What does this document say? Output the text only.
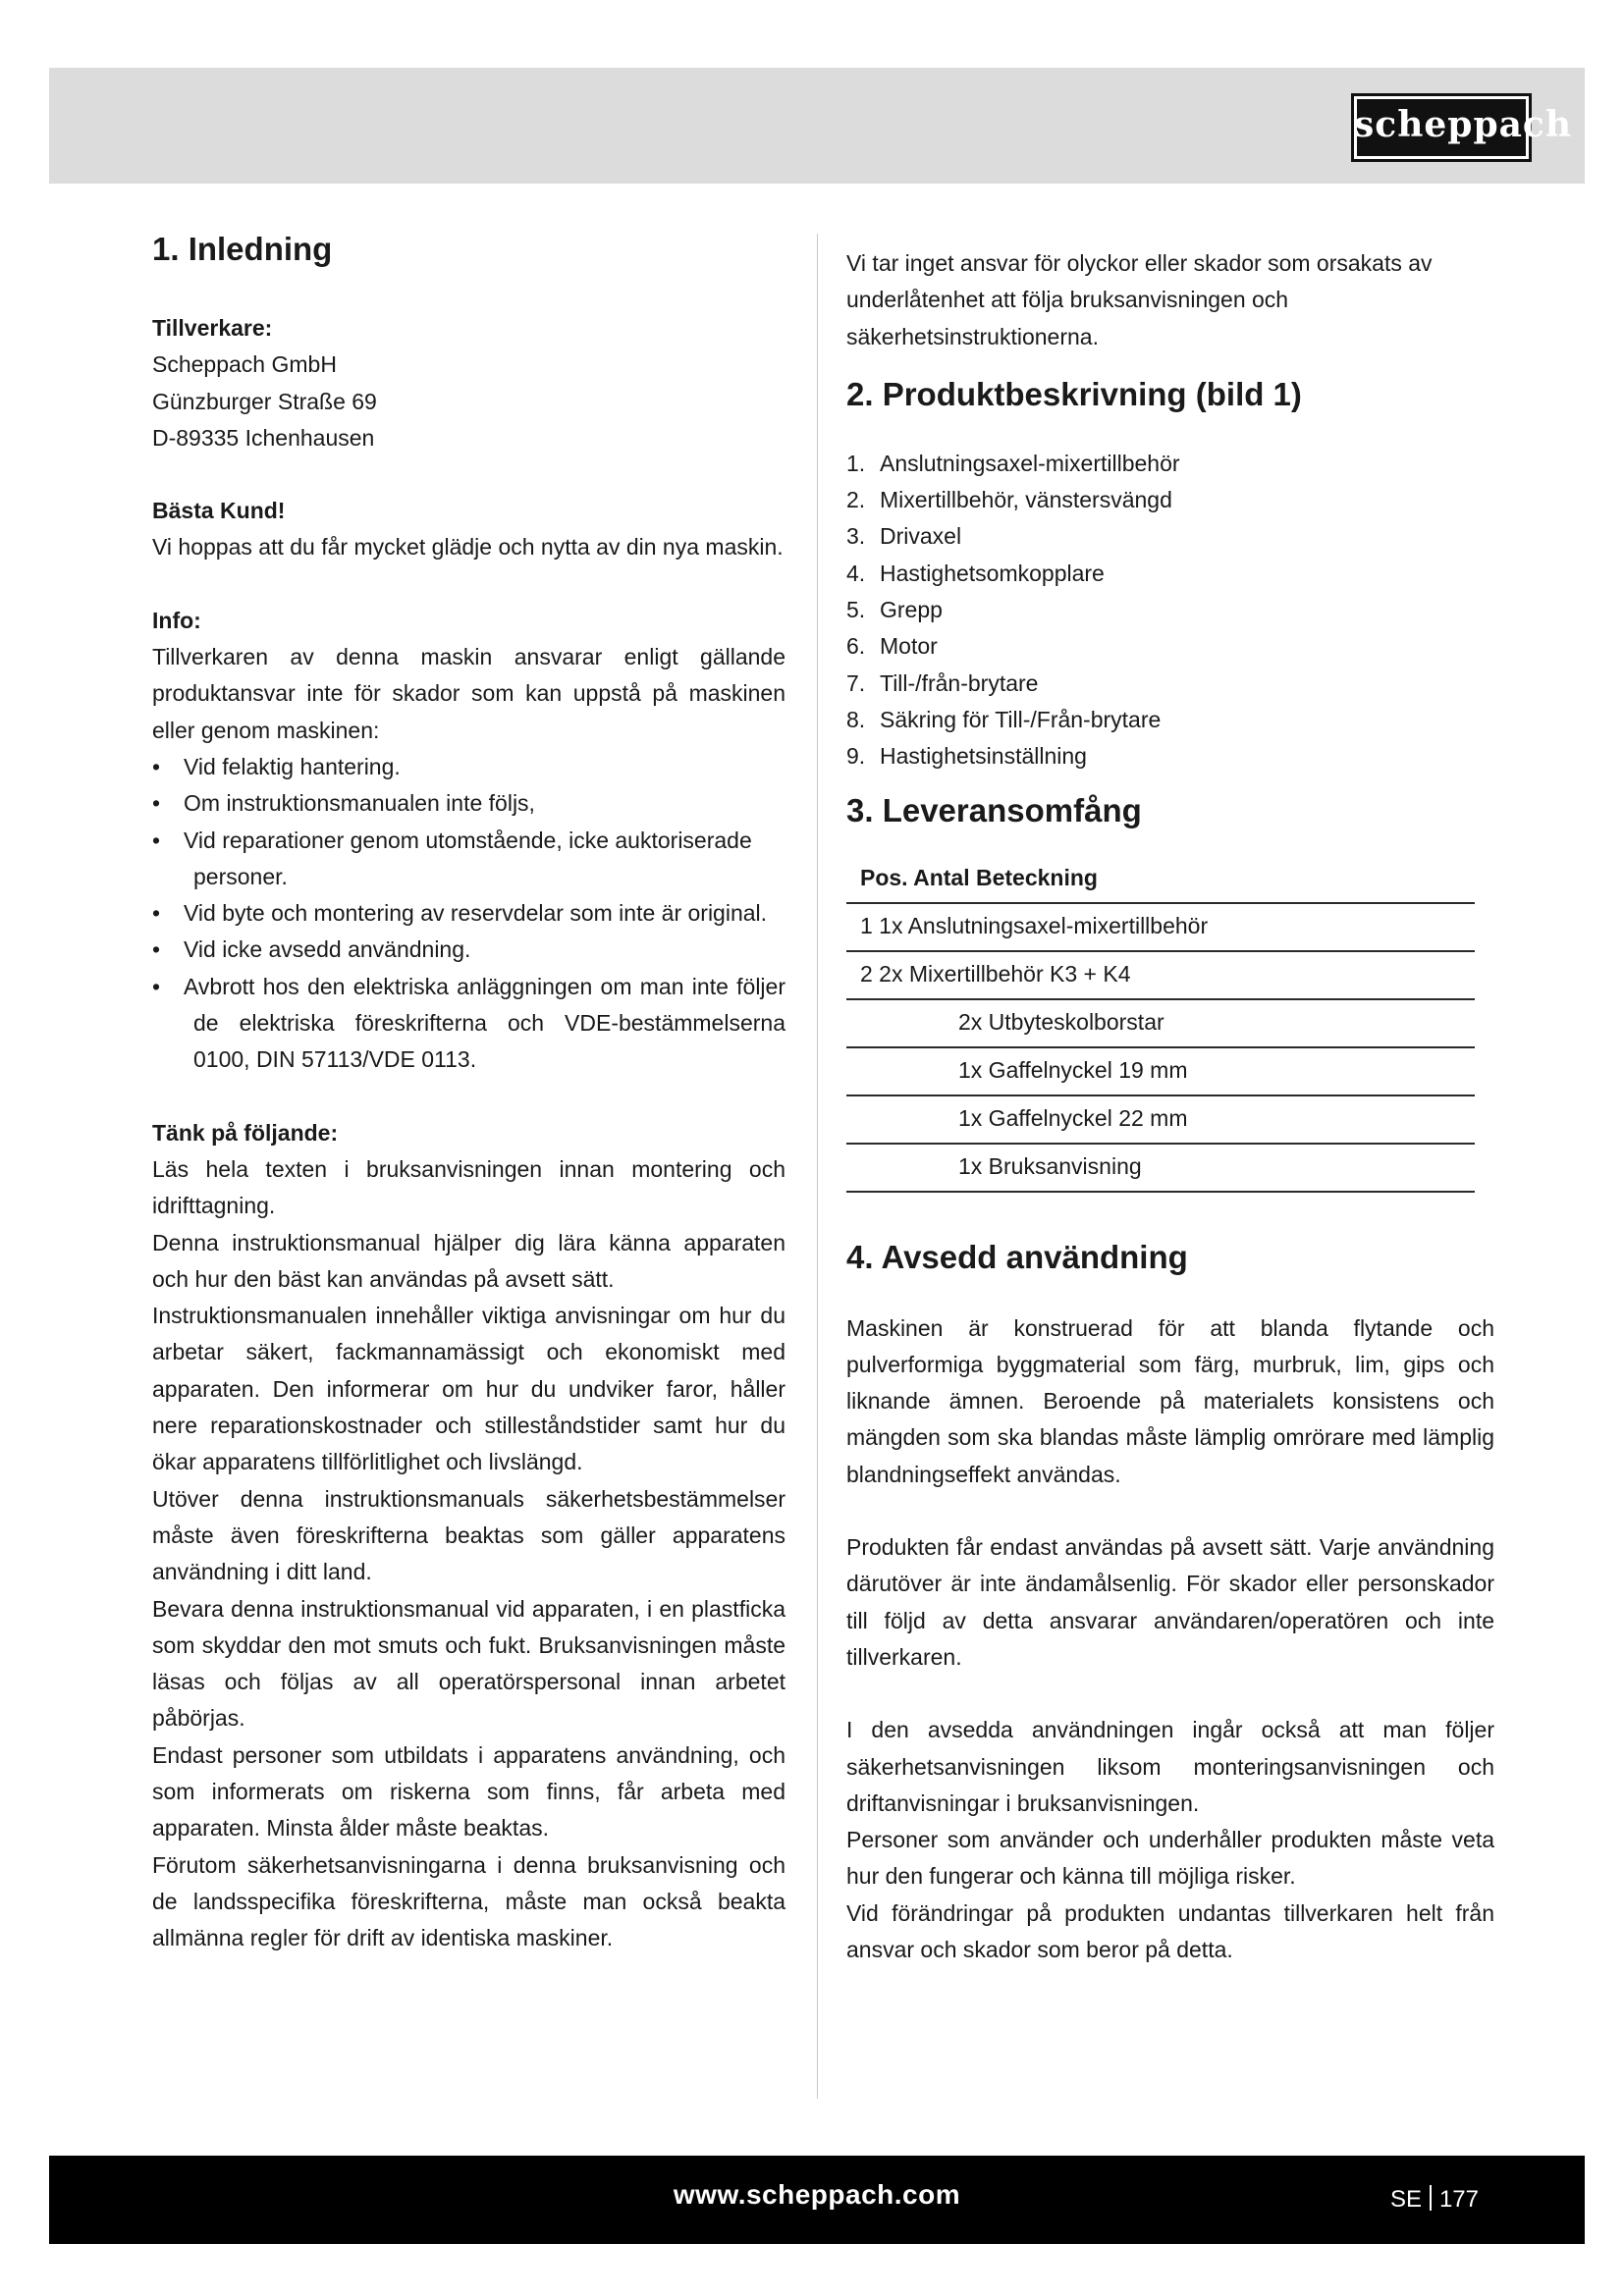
scheppach
1. Inledning

Tillverkare:

Scheppach GmbH

Günzburger Straße 69

D-89335 Ichenhausen

Bästa Kund!

Vi hoppas att du får mycket glädje och nytta av din nya maskin.

Info:

Tillverkaren av denna maskin ansvarar enligt gällande produktansvar inte för skador som kan uppstå på maskinen eller genom maskinen:

• Vid felaktig hantering.
• Om instruktionsmanualen inte följs,
• Vid reparationer genom utomstående, icke auktoriserade personer.
• Vid byte och montering av reservdelar som inte är original.
• Vid icke avsedd användning.
• Avbrott hos den elektriska anläggningen om man inte följer de elektriska föreskrifterna och VDE-bestämmelserna 0100, DIN 57113/VDE 0113.

Tänk på följande:

Läs hela texten i bruksanvisningen innan montering och idrifttagning.

Denna instruktionsmanual hjälper dig lära känna apparaten och hur den bäst kan användas på avsett sätt.

Instruktionsmanualen innehåller viktiga anvisningar om hur du arbetar säkert, fackmannamässigt och ekonomiskt med apparaten. Den informerar om hur du undviker faror, håller nere reparationskostnader och stilleståndstider samt hur du ökar apparatens tillförlitlighet och livslängd.

Utöver denna instruktionsmanuals säkerhetsbestämmelser måste även föreskrifterna beaktas som gäller apparatens användning i ditt land.

Bevara denna instruktionsmanual vid apparaten, i en plastficka som skyddar den mot smuts och fukt. Bruksanvisningen måste läsas och följas av all operatörspersonal innan arbetet påbörjas.

Endast personer som utbildats i apparatens användning, och som informerats om riskerna som finns, får arbeta med apparaten. Minsta ålder måste beaktas.

Förutom säkerhetsanvisningarna i denna bruksanvisning och de landsspecifika föreskrifterna, måste man också beakta allmänna regler för drift av identiska maskiner.

Vi tar inget ansvar för olyckor eller skador som orsakats av underlåtenhet att följa bruksanvisningen och säkerhetsinstruktionerna.

2. Produktbeskrivning (bild 1)
1. Anslutningsaxel-mixertillbehör
2. Mixertillbehör, vänstersvängd
3. Drivaxel
4. Hastighetsomkopplare
5. Grepp
6. Motor
7. Till-/från-brytare
8. Säkring för Till-/Från-brytare
9. Hastighetsinställning
3. Leveransomfång
Pos. Antal Beteckning
1 1x Anslutningsaxel-mixertillbehör
2 2x Mixertillbehör K3 + K4
2x Utbyteskolborstar
1x Gaffelnyckel 19 mm
1x Gaffelnyckel 22 mm
1x Bruksanvisning
4. Avsedd användning

Maskinen är konstruerad för att blanda flytande och pulverformiga byggmaterial som färg, murbruk, lim, gips och liknande ämnen. Beroende på materialets konsistens och mängden som ska blandas måste lämplig omrörare med lämplig blandningseffekt användas.

Produkten får endast användas på avsett sätt. Varje användning därutöver är inte ändamålsenlig. För skador eller personskador till följd av detta ansvarar användaren/operatören och inte tillverkaren.

I den avsedda användningen ingår också att man följer säkerhetsanvisningen liksom monteringsanvisningen och driftanvisningar i bruksanvisningen.

Personer som använder och underhåller produkten måste veta hur den fungerar och känna till möjliga risker.

Vid förändringar på produkten undantas tillverkaren helt från ansvar och skador som beror på detta.

www.scheppach.com	SE 177
